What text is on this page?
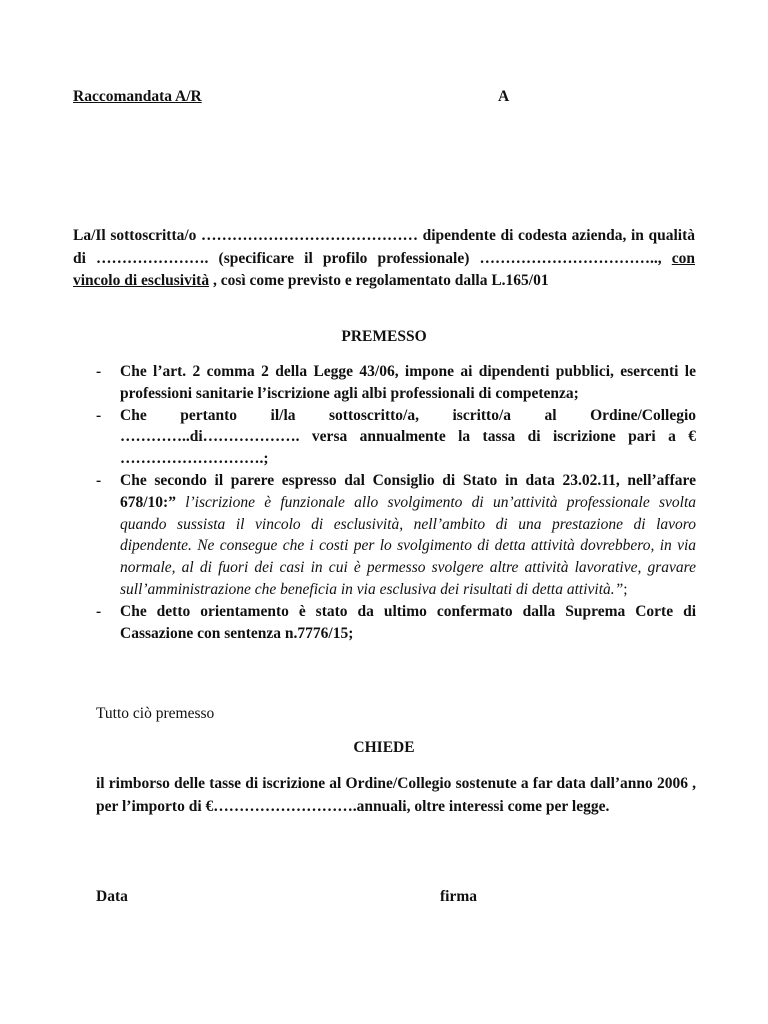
Raccomandata A/R	A
La/Il sottoscritta/o …………………………………… dipendente di codesta azienda, in qualità di …………………. (specificare il profilo professionale) …………………………….., con vincolo di esclusività , così come previsto e regolamentato dalla L.165/01
PREMESSO
- Che l’art. 2 comma 2 della Legge 43/06, impone ai dipendenti pubblici, esercenti le professioni sanitarie l’iscrizione agli albi professionali di competenza;
- Che pertanto il/la sottoscritto/a, iscritto/a al Ordine/Collegio …………..di………………. versa annualmente la tassa di iscrizione pari a € ……………………….;
- Che secondo il parere espresso dal Consiglio di Stato in data 23.02.11, nell’affare 678/10:” l’iscrizione è funzionale allo svolgimento di un’attività professionale svolta quando sussista il vincolo di esclusività, nell’ambito di una prestazione di lavoro dipendente. Ne consegue che i costi per lo svolgimento di detta attività dovrebbero, in via normale, al di fuori dei casi in cui è permesso svolgere altre attività lavorative, gravare sull’amministrazione che beneficia in via esclusiva dei risultati di detta attività.”;
- Che detto orientamento è stato da ultimo confermato dalla Suprema Corte di Cassazione con sentenza n.7776/15;
Tutto ciò premesso
CHIEDE
il rimborso delle tasse di iscrizione al Ordine/Collegio sostenute a far data dall’anno 2006 , per l’importo di €……………………….annuali, oltre interessi come per legge.
Data	firma
